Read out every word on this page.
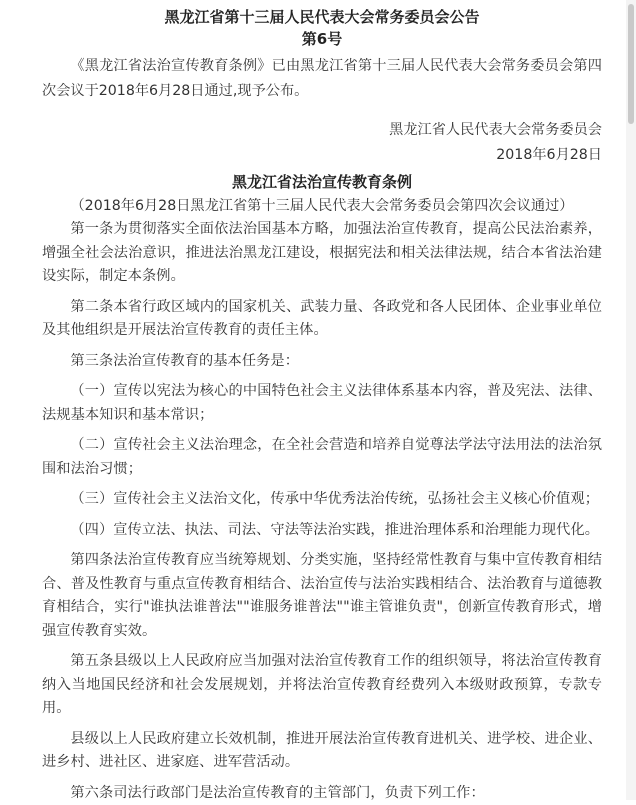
黑龙江省第十三届人民代表大会常务委员会公告

第6号

《黑龙江省法治宣传教育条例》已由黑龙江省第十三届人民代表大会常务委员会第四次会议于2018年6月28日通过,现予公布。

黑龙江省人民代表大会常务委员会

2018年6月28日

黑龙江省法治宣传教育条例

（2018年6月28日黑龙江省第十三届人民代表大会常务委员会第四次会议通过）

第一条为贯彻落实全面依法治国基本方略，加强法治宣传教育，提高公民法治素养，增强全社会法治意识，推进法治黑龙江建设，根据宪法和相关法律法规，结合本省法治建设实际，制定本条例。

第二条本省行政区域内的国家机关、武装力量、各政党和各人民团体、企业事业单位及其他组织是开展法治宣传教育的责任主体。

第三条法治宣传教育的基本任务是：

（一）宣传以宪法为核心的中国特色社会主义法律体系基本内容，普及宪法、法律、法规基本知识和基本常识；

（二）宣传社会主义法治理念，在全社会营造和培养自觉尊法学法守法用法的法治氛围和法治习惯；

（三）宣传社会主义法治文化，传承中华优秀法治传统，弘扬社会主义核心价值观；

（四）宣传立法、执法、司法、守法等法治实践，推进治理体系和治理能力现代化。

第四条法治宣传教育应当统筹规划、分类实施，坚持经常性教育与集中宣传教育相结合、普及性教育与重点宣传教育相结合、法治宣传与法治实践相结合、法治教育与道德教育相结合，实行"谁执法谁普法""谁服务谁普法""谁主管谁负责"，创新宣传教育形式，增强宣传教育实效。

第五条县级以上人民政府应当加强对法治宣传教育工作的组织领导，将法治宣传教育纳入当地国民经济和社会发展规划，并将法治宣传教育经费列入本级财政预算，专款专用。

县级以上人民政府建立长效机制，推进开展法治宣传教育进机关、进学校、进企业、进乡村、进社区、进家庭、进军营活动。

第六条司法行政部门是法治宣传教育的主管部门，负责下列工作：
